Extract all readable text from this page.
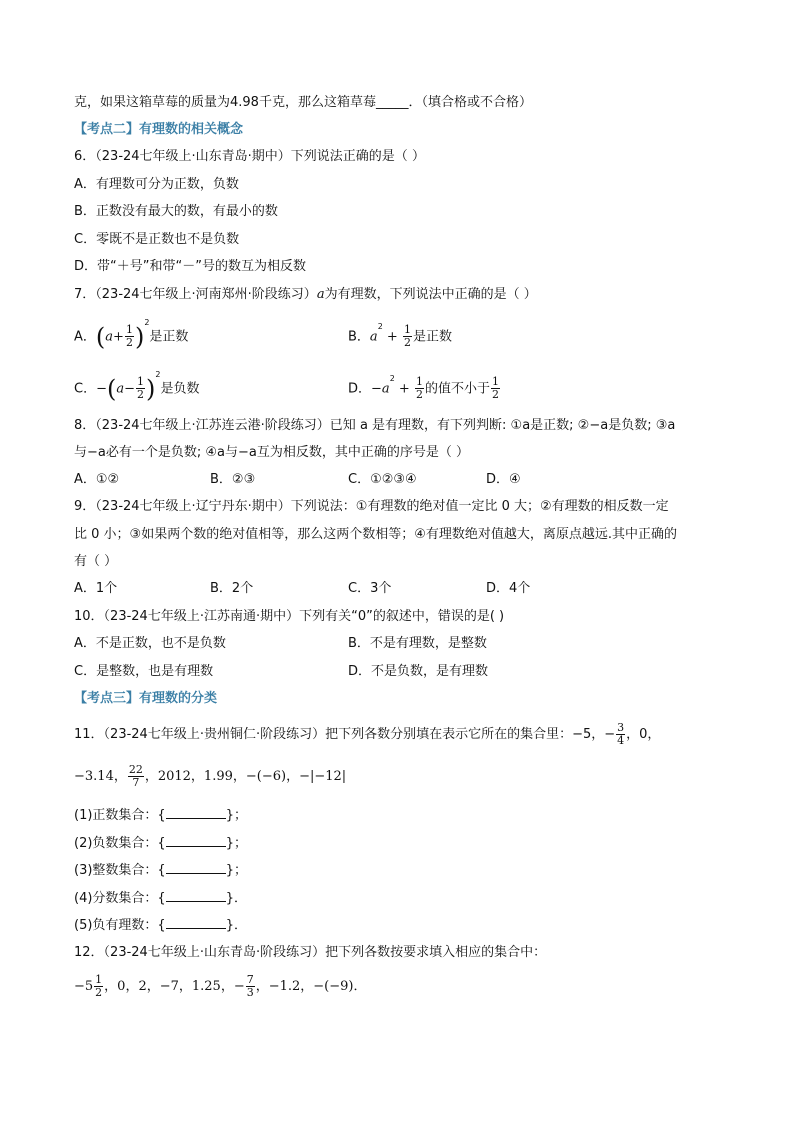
克，如果这箱草莓的质量为4.98千克，那么这箱草莓_____．（填合格或不合格）
【考点二】有理数的相关概念
6．（23-24七年级上·山东青岛·期中）下列说法正确的是（ ）
A．有理数可分为正数，负数
B．正数没有最大的数，有最小的数
C．零既不是正数也不是负数
D．带“＋号”和带“－”号的数互为相反数
7．（23-24七年级上·河南郑州·阶段练习）a为有理数，下列说法中正确的是（ ）
A．$(a+ \frac{1}{2} )^2$是正数	B．$a^2 + \frac{1}{2}$ 是正数
C．$-(a- \frac{1}{2} )^2$是负数	D．$-a^2 + \frac{1}{2}$ 的值不小于 $\frac{1}{2}$
8．（23-24七年级上·江苏连云港·阶段练习）已知 a 是有理数，有下列判断: ①a是正数; ②−a是负数; ③a
与−a必有一个是负数; ④a与−a互为相反数，其中正确的序号是（ ）
A．①②	B．②③	C．①②③④	D．④
9．（23-24七年级上·辽宁丹东·期中）下列说法：①有理数的绝对值一定比 0 大；②有理数的相反数一定
比 0 小；③如果两个数的绝对值相等，那么这两个数相等；④有理数绝对值越大，离原点越远.其中正确的
有（ ）
A．1个	B．2个	C．3个	D．4个
10．（23-24七年级上·江苏南通·期中）下列有关“0”的叙述中，错误的是( )
A．不是正数，也不是负数	B．不是有理数，是整数
C．是整数，也是有理数	D．不是负数，是有理数
【考点三】有理数的分类
11．（23-24七年级上·贵州铜仁·阶段练习）把下列各数分别填在表示它所在的集合里：−5，− $\frac{3}{4}$ ，0，
−3.14， $\frac{22}{7}$ ，2012，1.99，−(−6)，−|−12|
(1)正数集合：{	}；
(2)负数集合：{	}；
(3)整数集合：{	}；
(4)分数集合：{	}．
(5)负有理数：{	}．
12．（23-24七年级上·山东青岛·阶段练习）把下列各数按要求填入相应的集合中：
$-5 \frac{1}{2}$ ，0，2，−7，1.25，− $\frac{7}{3}$ ，−1.2，−(−9)．
